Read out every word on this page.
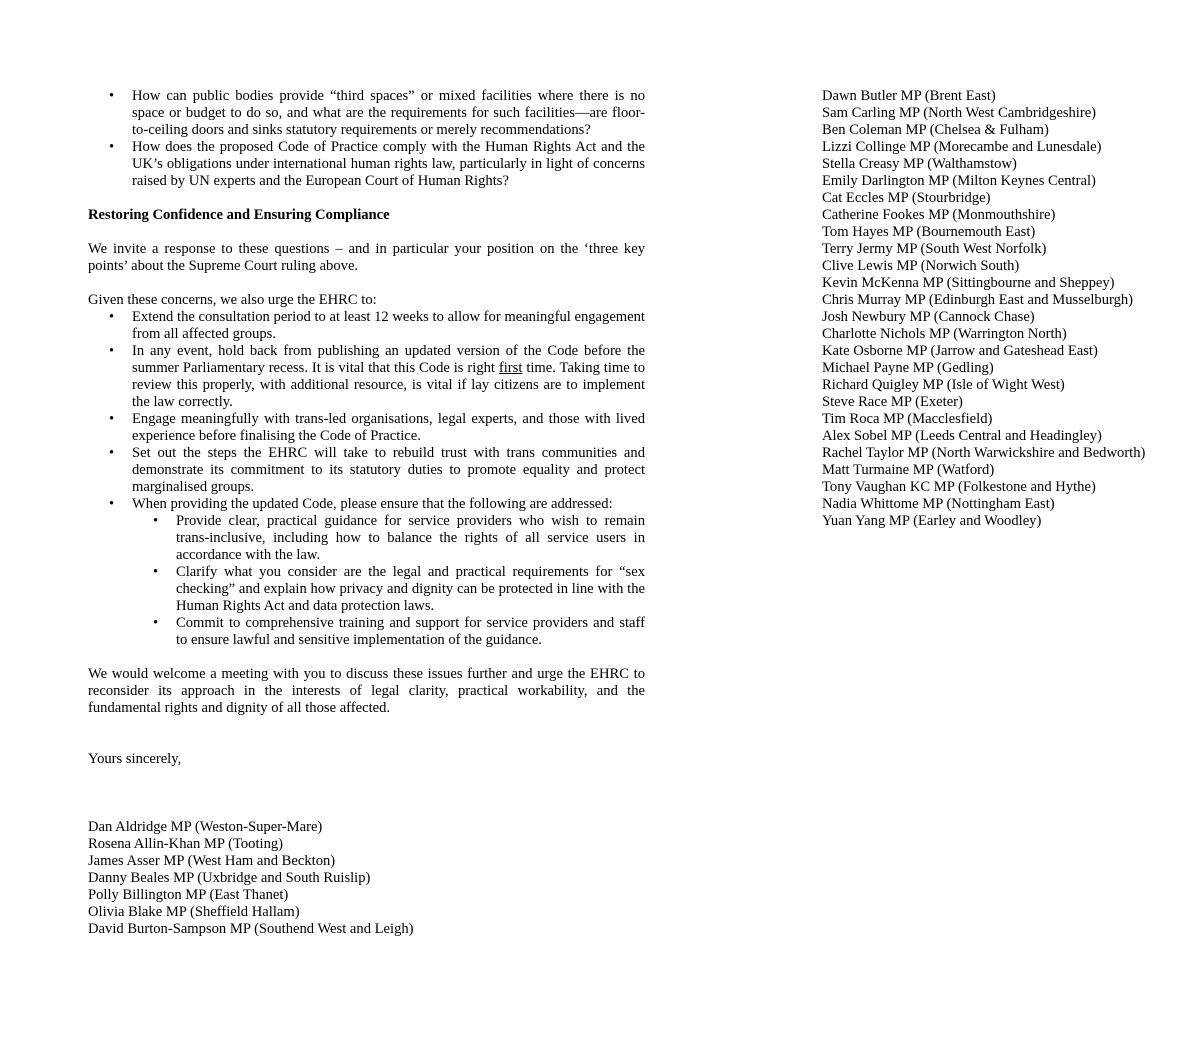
• How can public bodies provide “third spaces” or mixed facilities where there is no space or budget to do so, and what are the requirements for such facilities—are floor-to-ceiling doors and sinks statutory requirements or merely recommendations?
• How does the proposed Code of Practice comply with the Human Rights Act and the UK’s obligations under international human rights law, particularly in light of concerns raised by UN experts and the European Court of Human Rights?

Restoring Confidence and Ensuring Compliance

We invite a response to these questions – and in particular your position on the ‘three key points’ about the Supreme Court ruling above.

Given these concerns, we also urge the EHRC to:

• Extend the consultation period to at least 12 weeks to allow for meaningful engagement from all affected groups.
• In any event, hold back from publishing an updated version of the Code before the summer Parliamentary recess. It is vital that this Code is right first time. Taking time to review this properly, with additional resource, is vital if lay citizens are to implement the law correctly.
• Engage meaningfully with trans-led organisations, legal experts, and those with lived experience before finalising the Code of Practice.
• Set out the steps the EHRC will take to rebuild trust with trans communities and demonstrate its commitment to its statutory duties to promote equality and protect marginalised groups.
• When providing the updated Code, please ensure that the following are addressed:
• Provide clear, practical guidance for service providers who wish to remain trans-inclusive, including how to balance the rights of all service users in accordance with the law.
• Clarify what you consider are the legal and practical requirements for “sex checking” and explain how privacy and dignity can be protected in line with the Human Rights Act and data protection laws.
• Commit to comprehensive training and support for service providers and staff to ensure lawful and sensitive implementation of the guidance.

We would welcome a meeting with you to discuss these issues further and urge the EHRC to reconsider its approach in the interests of legal clarity, practical workability, and the fundamental rights and dignity of all those affected.

Yours sincerely,

Dan Aldridge MP (Weston-Super-Mare)
Rosena Allin-Khan MP (Tooting)
James Asser MP (West Ham and Beckton)
Danny Beales MP (Uxbridge and South Ruislip)
Polly Billington MP (East Thanet)
Olivia Blake MP (Sheffield Hallam)
David Burton-Sampson MP (Southend West and Leigh)
Dawn Butler MP (Brent East)
Sam Carling MP (North West Cambridgeshire)
Ben Coleman MP (Chelsea & Fulham)
Lizzi Collinge MP (Morecambe and Lunesdale)
Stella Creasy MP (Walthamstow)
Emily Darlington MP (Milton Keynes Central)
Cat Eccles MP (Stourbridge)
Catherine Fookes MP (Monmouthshire)
Tom Hayes MP (Bournemouth East)
Terry Jermy MP (South West Norfolk)
Clive Lewis MP (Norwich South)
Kevin McKenna MP (Sittingbourne and Sheppey)
Chris Murray MP (Edinburgh East and Musselburgh)
Josh Newbury MP (Cannock Chase)
Charlotte Nichols MP (Warrington North)
Kate Osborne MP (Jarrow and Gateshead East)
Michael Payne MP (Gedling)
Richard Quigley MP (Isle of Wight West)
Steve Race MP (Exeter)
Tim Roca MP (Macclesfield)
Alex Sobel MP (Leeds Central and Headingley)
Rachel Taylor MP (North Warwickshire and Bedworth)
Matt Turmaine MP (Watford)
Tony Vaughan KC MP (Folkestone and Hythe)
Nadia Whittome MP (Nottingham East)
Yuan Yang MP (Earley and Woodley)
